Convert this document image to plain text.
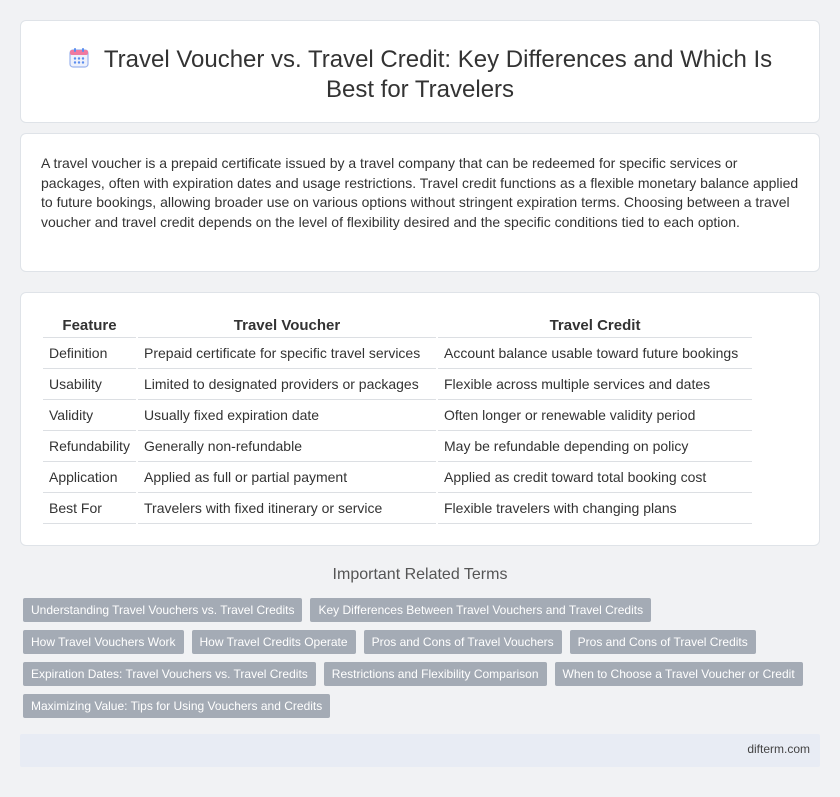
Travel Voucher vs. Travel Credit: Key Differences and Which Is Best for Travelers

A travel voucher is a prepaid certificate issued by a travel company that can be redeemed for specific services or packages, often with expiration dates and usage restrictions. Travel credit functions as a flexible monetary balance applied to future bookings, allowing broader use on various options without stringent expiration terms. Choosing between a travel voucher and travel credit depends on the level of flexibility desired and the specific conditions tied to each option.

Feature	Travel Voucher	Travel Credit
Definition	Prepaid certificate for specific travel services	Account balance usable toward future bookings
Usability	Limited to designated providers or packages	Flexible across multiple services and dates
Validity	Usually fixed expiration date	Often longer or renewable validity period
Refundability	Generally non-refundable	May be refundable depending on policy
Application	Applied as full or partial payment	Applied as credit toward total booking cost
Best For	Travelers with fixed itinerary or service	Flexible travelers with changing plans
Important Related Terms
Understanding Travel Vouchers vs. Travel Credits	Key Differences Between Travel Vouchers and Travel Credits
How Travel Vouchers Work	How Travel Credits Operate	Pros and Cons of Travel Vouchers	Pros and Cons of Travel Credits
Expiration Dates: Travel Vouchers vs. Travel Credits	Restrictions and Flexibility Comparison	When to Choose a Travel Voucher or Credit
Maximizing Value: Tips for Using Vouchers and Credits
difterm.com
